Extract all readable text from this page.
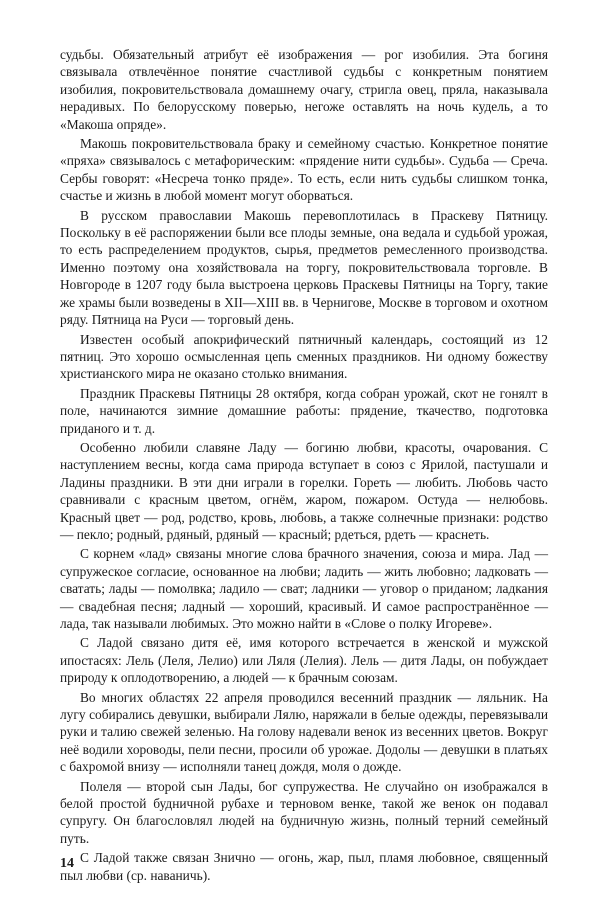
судьбы. Обязательный атрибут её изображения — рог изобилия. Эта богиня связывала отвлечённое понятие счастливой судьбы с конкретным понятием изобилия, покровительствовала домашнему очагу, стригла овец, пряла, наказывала нерадивых. По белорусскому поверью, негоже оставлять на ночь кудель, а то «Макоша опряде».

Макошь покровительствовала браку и семейному счастью. Конкретное понятие «пряха» связывалось с метафорическим: «прядение нити судьбы». Судьба — Среча. Сербы говорят: «Несреча тонко пряде». То есть, если нить судьбы слишком тонка, счастье и жизнь в любой момент могут оборваться.

В русском православии Макошь перевоплотилась в Праскеву Пятницу. Поскольку в её распоряжении были все плоды земные, она ведала и судьбой урожая, то есть распределением продуктов, сырья, предметов ремесленного производства. Именно поэтому она хозяйствовала на торгу, покровительствовала торговле. В Новгороде в 1207 году была выстроена церковь Праскевы Пятницы на Торгу, такие же храмы были возведены в XII—XIII вв. в Чернигове, Москве в торговом и охотном ряду. Пятница на Руси — торговый день.

Известен особый апокрифический пятничный календарь, состоящий из 12 пятниц. Это хорошо осмысленная цепь сменных праздников. Ни одному божеству христианского мира не оказано столько внимания.

Праздник Праскевы Пятницы 28 октября, когда собран урожай, скот не гонялт в поле, начинаются зимние домашние работы: прядение, ткачество, подготовка приданого и т. д.

Особенно любили славяне Ладу — богиню любви, красоты, очарования. С наступлением весны, когда сама природа вступает в союз с Ярилой, пастушали и Ладины праздники. В эти дни играли в горелки. Гореть — любить. Любовь часто сравнивали с красным цветом, огнём, жаром, пожаром. Остуда — нелюбовь. Красный цвет — род, родство, кровь, любовь, а также солнечные признаки: родство — пекло; родный, рдяный, рдяный — красный; рдеться, рдеть — краснеть.

С корнем «лад» связаны многие слова брачного значения, союза и мира. Лад — супружеское согласие, основанное на любви; ладить — жить любовно; ладковать — сватать; лады — помолвка; ладило — сват; ладники — уговор о приданом; ладкания — свадебная песня; ладный — хороший, красивый. И самое распространённое — лада, так называли любимых. Это можно найти в «Слове о полку Игореве».

С Ладой связано дитя её, имя которого встречается в женской и мужской ипостасях: Лель (Леля, Лелио) или Ляля (Лелия). Лель — дитя Лады, он побуждает природу к оплодотворению, а людей — к брачным союзам.

Во многих областях 22 апреля проводился весенний праздник — ляльник. На лугу собирались девушки, выбирали Лялю, наряжали в белые одежды, перевязывали руки и талию свежей зеленью. На голову надевали венок из весенних цветов. Вокруг неё водили хороводы, пели песни, просили об урожае. Додолы — девушки в платьях с бахромой внизу — исполняли танец дождя, моля о дожде.

Полеля — второй сын Лады, бог супружества. Не случайно он изображался в белой простой будничной рубахе и терновом венке, такой же венок он подавал супругу. Он благословлял людей на будничную жизнь, полный терний семейный путь.

С Ладой также связан Знично — огонь, жар, пыл, пламя любовное, священный пыл любви (ср. наваничь).

14
